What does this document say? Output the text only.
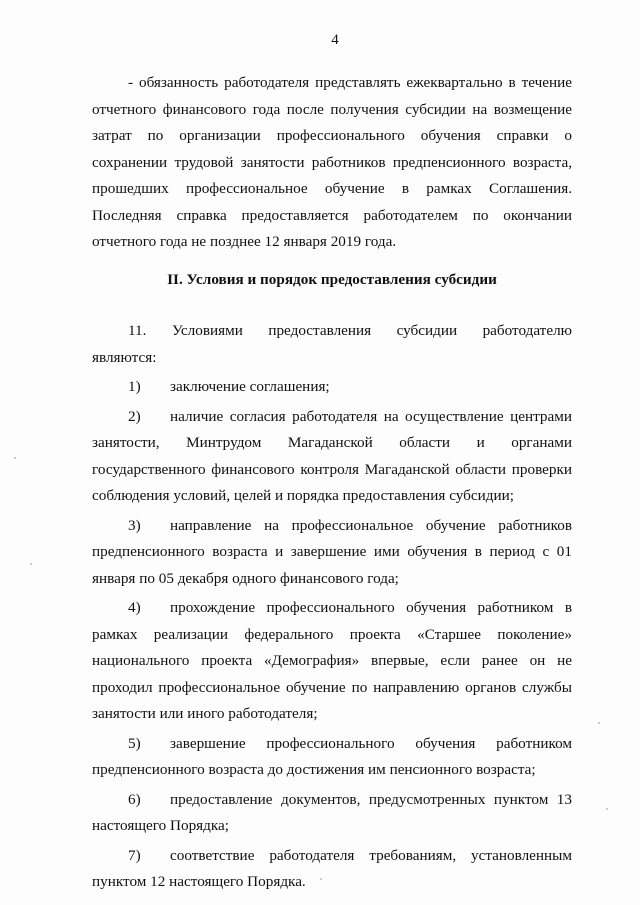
4

- обязанность работодателя представлять ежеквартально в течение отчетного финансового года после получения субсидии на возмещение затрат по организации профессионального обучения справки о сохранении трудовой занятости работников предпенсионного возраста, прошедших профессиональное обучение в рамках Соглашения. Последняя справка предоставляется работодателем по окончании отчетного года не позднее 12 января 2019 года.

II. Условия и порядок предоставления субсидии

11. Условиями предоставления субсидии работодателю являются:

1) заключение соглашения;

2) наличие согласия работодателя на осуществление центрами занятости, Минтрудом Магаданской области и органами государственного финансового контроля Магаданской области проверки соблюдения условий, целей и порядка предоставления субсидии;

3) направление на профессиональное обучение работников предпенсионного возраста и завершение ими обучения в период с 01 января по 05 декабря одного финансового года;

4) прохождение профессионального обучения работником в рамках реализации федерального проекта «Старшее поколение» национального проекта «Демография» впервые, если ранее он не проходил профессиональное обучение по направлению органов службы занятости или иного работодателя;

5) завершение профессионального обучения работником предпенсионного возраста до достижения им пенсионного возраста;

6) предоставление документов, предусмотренных пунктом 13 настоящего Порядка;

7) соответствие работодателя требованиям, установленным пунктом 12 настоящего Порядка.
